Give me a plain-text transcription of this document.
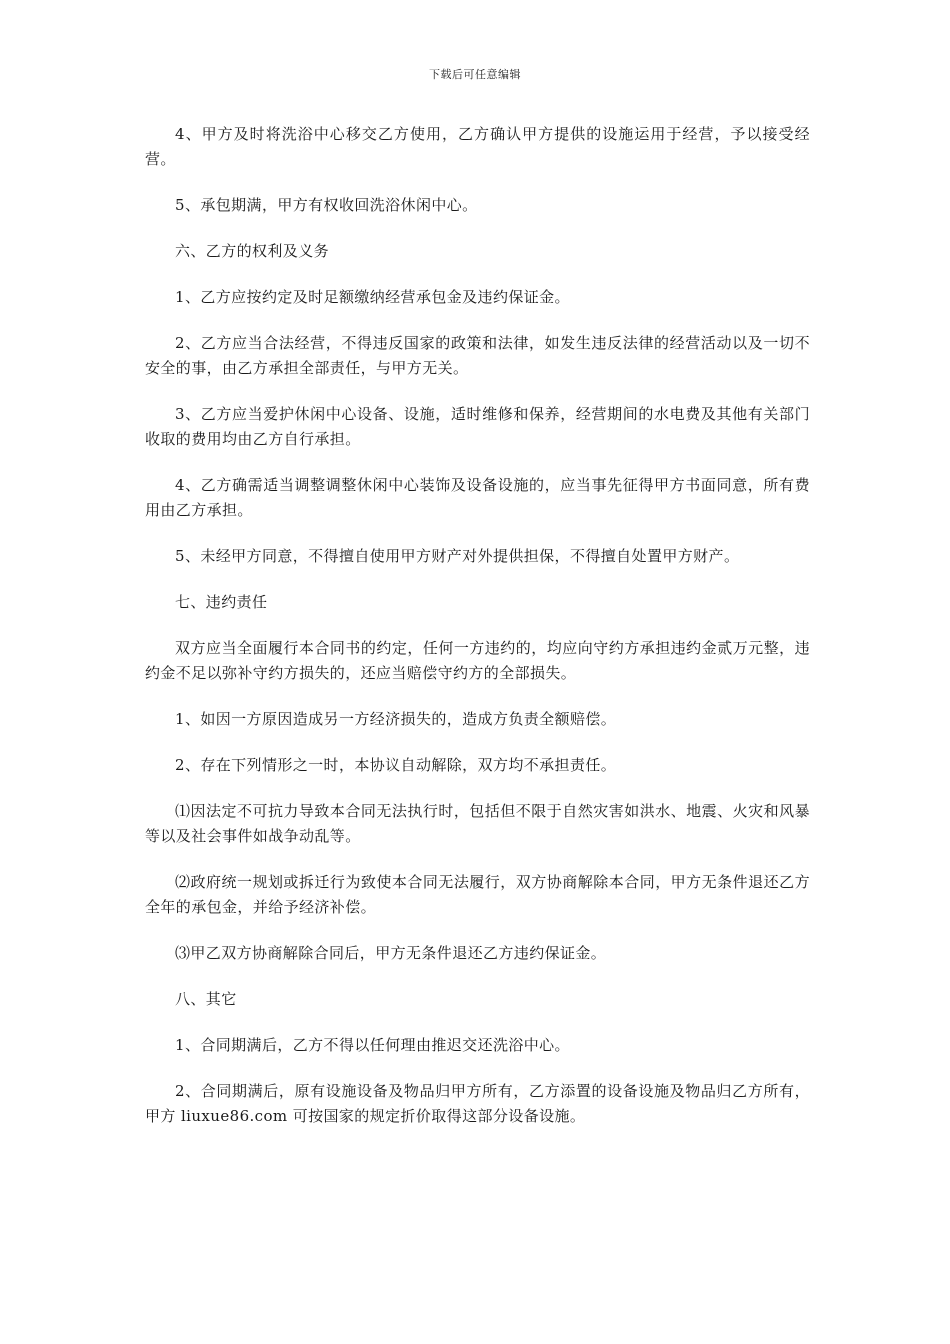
下载后可任意编辑

4、甲方及时将洗浴中心移交乙方使用，乙方确认甲方提供的设施运用于经营，予以接受经营。

5、承包期满，甲方有权收回洗浴休闲中心。

六、乙方的权利及义务

1、乙方应按约定及时足额缴纳经营承包金及违约保证金。

2、乙方应当合法经营，不得违反国家的政策和法律，如发生违反法律的经营活动以及一切不安全的事，由乙方承担全部责任，与甲方无关。

3、乙方应当爱护休闲中心设备、设施，适时维修和保养，经营期间的水电费及其他有关部门收取的费用均由乙方自行承担。

4、乙方确需适当调整调整休闲中心装饰及设备设施的，应当事先征得甲方书面同意，所有费用由乙方承担。

5、未经甲方同意，不得擅自使用甲方财产对外提供担保，不得擅自处置甲方财产。

七、违约责任

双方应当全面履行本合同书的约定，任何一方违约的，均应向守约方承担违约金贰万元整，违约金不足以弥补守约方损失的，还应当赔偿守约方的全部损失。

1、如因一方原因造成另一方经济损失的，造成方负责全额赔偿。

2、存在下列情形之一时，本协议自动解除，双方均不承担责任。

⑴因法定不可抗力导致本合同无法执行时，包括但不限于自然灾害如洪水、地震、火灾和风暴等以及社会事件如战争动乱等。

⑵政府统一规划或拆迁行为致使本合同无法履行，双方协商解除本合同，甲方无条件退还乙方全年的承包金，并给予经济补偿。

⑶甲乙双方协商解除合同后，甲方无条件退还乙方违约保证金。

八、其它

1、合同期满后，乙方不得以任何理由推迟交还洗浴中心。

2、合同期满后，原有设施设备及物品归甲方所有，乙方添置的设备设施及物品归乙方所有，甲方 liuxue86.com 可按国家的规定折价取得这部分设备设施。
